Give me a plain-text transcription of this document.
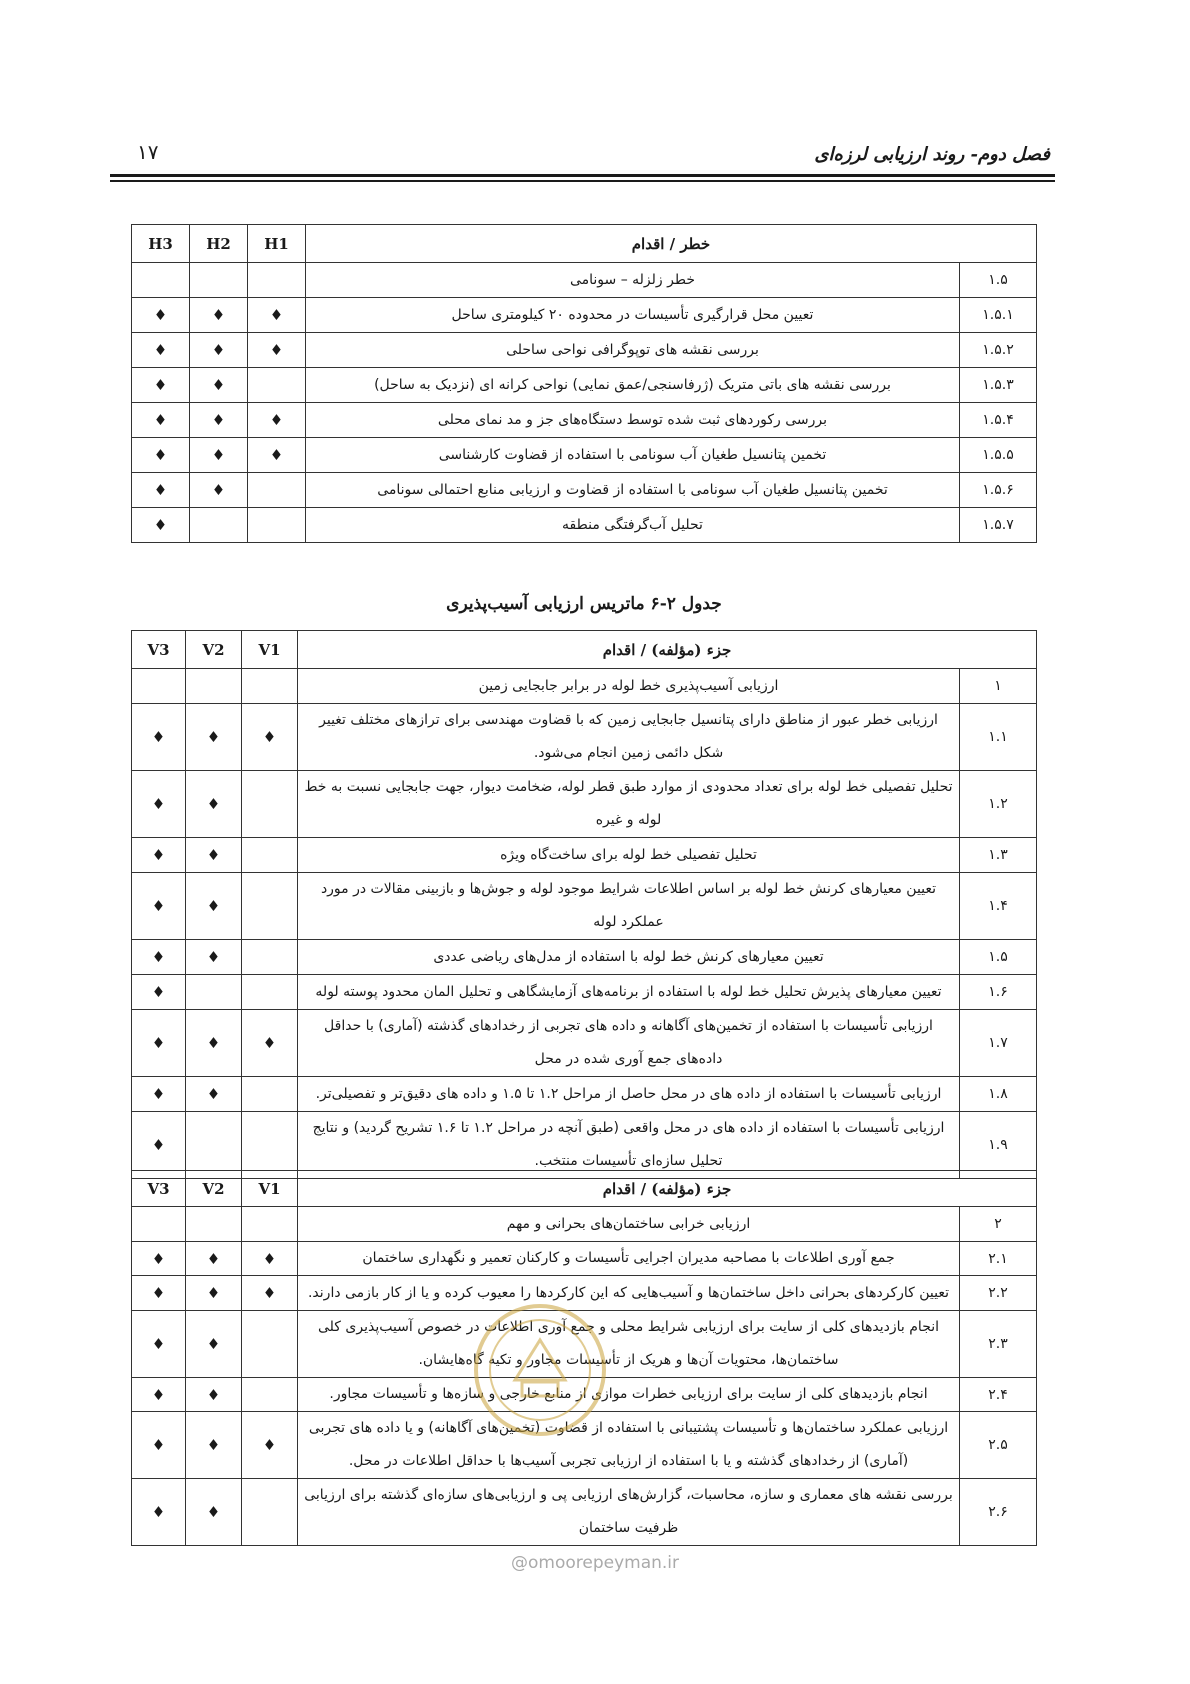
۱۷	فصل دوم- روند ارزیابی لرزه‌ای
H3	H2	H1	خطر / اقدام	
			خطر زلزله – سونامی	۱.۵
♦	♦	♦	تعیین محل قرارگیری تأسیسات در محدوده ۲۰ کیلومتری ساحل	۱.۵.۱
♦	♦	♦	بررسی نقشه های توپوگرافی نواحی ساحلی	۱.۵.۲
♦	♦		بررسی نقشه های باتی متریک (ژرفاسنجی/عمق نمایی) نواحی کرانه ای (نزدیک به ساحل)	۱.۵.۳
♦	♦	♦	بررسی رکوردهای ثبت شده توسط دستگاه‌های جز و مد نمای محلی	۱.۵.۴
♦	♦	♦	تخمین پتانسیل طغیان آب سونامی با استفاده از قضاوت کارشناسی	۱.۵.۵
♦	♦		تخمین پتانسیل طغیان آب سونامی با استفاده از قضاوت و ارزیابی منابع احتمالی سونامی	۱.۵.۶
♦			تحلیل آب‌گرفتگی منطقه	۱.۵.۷
جدول ۲-۶ ماتریس ارزیابی آسیب‌پذیری
V3	V2	V1	جزء (مؤلفه) / اقدام	
			ارزیابی آسیب‌پذیری خط لوله در برابر جابجایی زمین	۱
♦	♦	♦	ارزیابی خطر عبور از مناطق دارای پتانسیل جابجایی زمین که با قضاوت مهندسی برای ترازهای مختلف تغییر شکل دائمی زمین انجام می‌شود.	۱.۱
♦	♦		تحلیل تفصیلی خط لوله برای تعداد محدودی از موارد طبق قطر لوله، ضخامت دیوار، جهت جابجایی نسبت به خط لوله و غیره	۱.۲
♦	♦		تحلیل تفصیلی خط لوله برای ساخت‌گاه ویژه	۱.۳
♦	♦		تعیین معیارهای کرنش خط لوله بر اساس اطلاعات شرایط موجود لوله و جوش‌ها و بازبینی مقالات در مورد عملکرد لوله	۱.۴
♦	♦		تعیین معیارهای کرنش خط لوله با استفاده از مدل‌های ریاضی عددی	۱.۵
♦			تعیین معیارهای پذیرش تحلیل خط لوله با استفاده از برنامه‌های آزمایشگاهی و تحلیل المان محدود پوسته لوله	۱.۶
♦	♦	♦	ارزیابی تأسیسات با استفاده از تخمین‌های آگاهانه و داده های تجربی از رخدادهای گذشته (آماری) با حداقل داده‌های جمع آوری شده در محل	۱.۷
♦	♦		ارزیابی تأسیسات با استفاده از داده های در محل حاصل از مراحل ۱.۲ تا ۱.۵ و داده های دقیق‌تر و تفصیلی‌تر.	۱.۸
♦			ارزیابی تأسیسات با استفاده از داده های در محل واقعی (طبق آنچه در مراحل ۱.۲ تا ۱.۶ تشریح گردید) و نتایج تحلیل سازه‌ای تأسیسات منتخب.	۱.۹
V3	V2	V1	جزء (مؤلفه) / اقدام	
			ارزیابی خرابی ساختمان‌های بحرانی و مهم	۲
♦	♦	♦	جمع آوری اطلاعات با مصاحبه مدیران اجرایی تأسیسات و کارکنان تعمیر و نگهداری ساختمان	۲.۱
♦	♦	♦	تعیین کارکردهای بحرانی داخل ساختمان‌ها و آسیب‌هایی که این کارکردها را معیوب کرده و یا از کار بازمی دارند.	۲.۲
♦	♦		انجام بازدیدهای کلی از سایت برای ارزیابی شرایط محلی و جمع آوری اطلاعات در خصوص آسیب‌پذیری کلی ساختمان‌ها، محتویات آن‌ها و هریک از تأسیسات مجاور و تکیه گاه‌هایشان.	۲.۳
♦	♦		انجام بازدیدهای کلی از سایت برای ارزیابی خطرات موازی از منابع خارجی و سازه‌ها و تأسیسات مجاور.	۲.۴
♦	♦	♦	ارزیابی عملکرد ساختمان‌ها و تأسیسات پشتیبانی با استفاده از قضاوت (تخمین‌های آگاهانه) و یا داده های تجربی (آماری) از رخدادهای گذشته و یا با استفاده از ارزیابی تجربی آسیب‌ها با حداقل اطلاعات در محل.	۲.۵
♦	♦		بررسی نقشه های معماری و سازه، محاسبات، گزارش‌های ارزیابی پی و ارزیابی‌های سازه‌ای گذشته برای ارزیابی ظرفیت ساختمان	۲.۶
@omoorepeyman.ir
